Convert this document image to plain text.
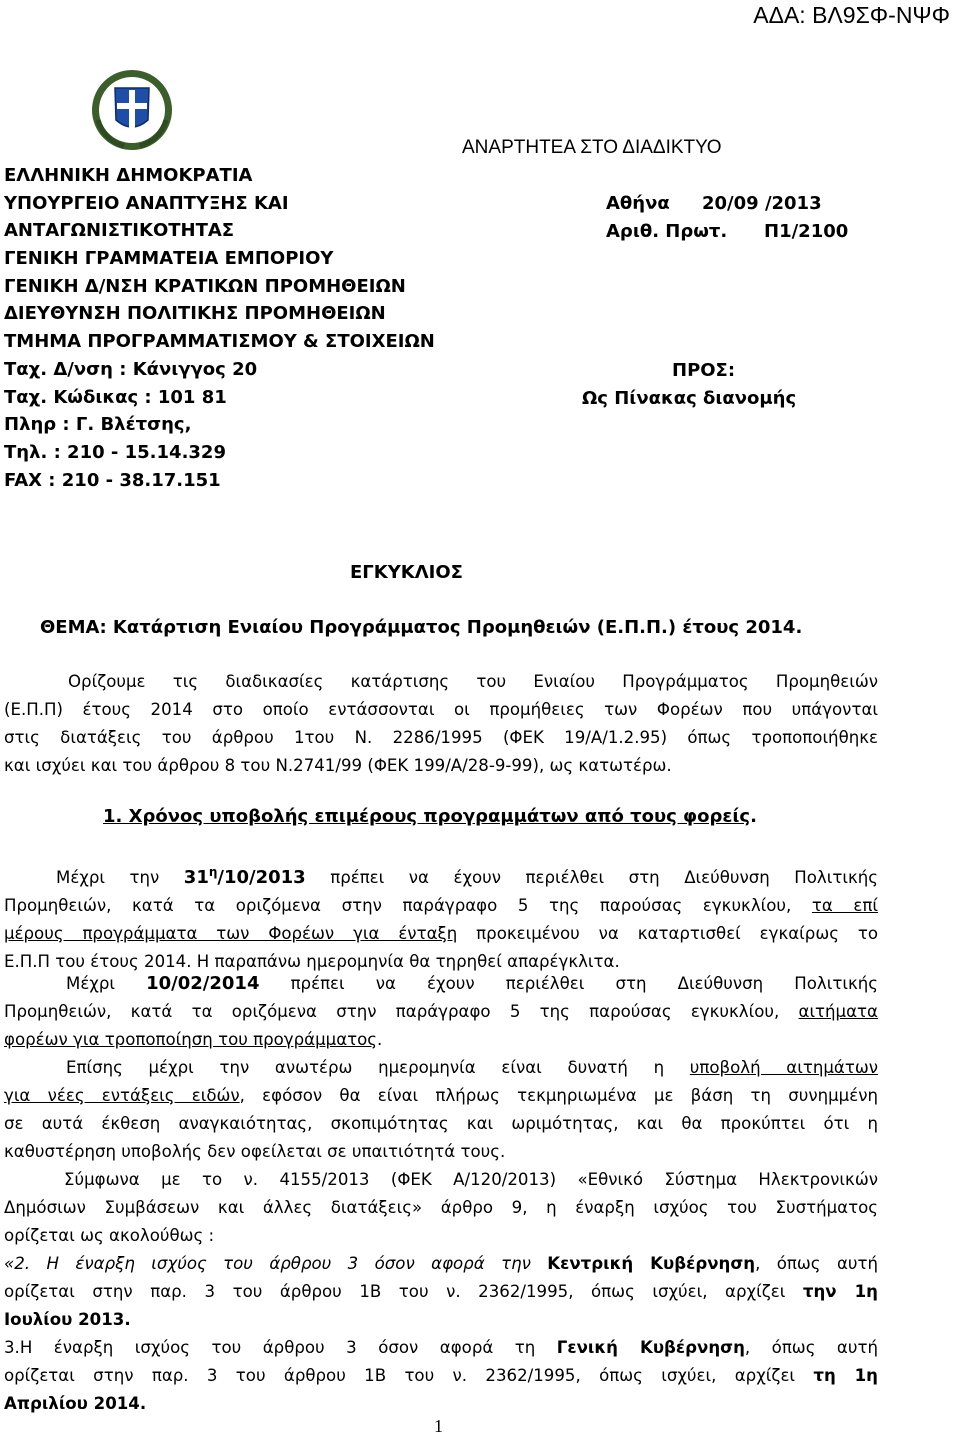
ΑΔΑ: ΒΛ9ΣΦ-ΝΨΦ
ΑΝΑΡΤΗΤΕΑ ΣΤΟ ΔΙΑΔΙΚΤΥΟ
ΕΛΛΗΝΙΚΗ ΔΗΜΟΚΡΑΤΙΑ
ΥΠΟΥΡΓΕΙΟ ΑΝΑΠΤΥΞΗΣ ΚΑΙ
ΑΝΤΑΓΩΝΙΣΤΙΚΟΤΗΤΑΣ
ΓΕΝΙΚΗ ΓΡΑΜΜΑΤΕΙΑ ΕΜΠΟΡΙΟΥ
ΓΕΝΙΚΗ Δ/ΝΣΗ ΚΡΑΤΙΚΩΝ ΠΡΟΜΗΘΕΙΩΝ
ΔΙΕΥΘΥΝΣΗ ΠΟΛΙΤΙΚΗΣ ΠΡΟΜΗΘΕΙΩΝ
ΤΜΗΜΑ ΠΡΟΓΡΑΜΜΑΤΙΣΜΟΥ & ΣΤΟΙΧΕΙΩΝ
Ταχ. Δ/νση : Κάνιγγος 20
Ταχ. Κώδικας : 101 81
Πληρ : Γ. Βλέτσης,
Τηλ. : 210 - 15.14.329
FAX : 210 - 38.17.151
Αθήνα 20/09 /2013
Αριθ. Πρωτ. Π1/2100
ΠΡΟΣ:
Ως Πίνακας διανομής
ΕΓΚΥΚΛΙΟΣ
ΘΕΜΑ: Κατάρτιση Ενιαίου Προγράμματος Προμηθειών (Ε.Π.Π.) έτους 2014.
Ορίζουμε τις διαδικασίες κατάρτισης του Ενιαίου Προγράμματος Προμηθειών
(Ε.Π.Π) έτους 2014 στο οποίο εντάσσονται οι προμήθειες των Φορέων που υπάγονται
στις διατάξεις του άρθρου 1του Ν. 2286/1995 (ΦΕΚ 19/Α/1.2.95) όπως τροποποιήθηκε
και ισχύει και του άρθρου 8 του Ν.2741/99 (ΦΕΚ 199/Α/28-9-99), ως κατωτέρω.
1. Χρόνος υποβολής επιμέρους προγραμμάτων από τους φορείς.
Μέχρι την $31^\eta/10/2013$ πρέπει να έχουν περιέλθει στη Διεύθυνση Πολιτικής
Προμηθειών, κατά τα οριζόμενα στην παράγραφο 5 της παρούσας εγκυκλίου, τα επί
μέρους προγράμματα των Φορέων για ένταξη προκειμένου να καταρτισθεί εγκαίρως το
Ε.Π.Π του έτους 2014. Η παραπάνω ημερομηνία θα τηρηθεί απαρέγκλιτα.
Μέχρι 10/02/2014 πρέπει να έχουν περιέλθει στη Διεύθυνση Πολιτικής
Προμηθειών, κατά τα οριζόμενα στην παράγραφο 5 της παρούσας εγκυκλίου, αιτήματα
φορέων για τροποποίηση του προγράμματος.
Επίσης μέχρι την ανωτέρω ημερομηνία είναι δυνατή η υποβολή αιτημάτων
για νέες εντάξεις ειδών, εφόσον θα είναι πλήρως τεκμηριωμένα με βάση τη συνημμένη
σε αυτά έκθεση αναγκαιότητας, σκοπιμότητας και ωριμότητας, και θα προκύπτει ότι η
καθυστέρηση υποβολής δεν οφείλεται σε υπαιτιότητά τους.
Σύμφωνα με το ν. 4155/2013 (ΦΕΚ Α/120/2013) «Εθνικό Σύστημα Ηλεκτρονικών
Δημόσιων Συμβάσεων και άλλες διατάξεις» άρθρο 9, η έναρξη ισχύος του Συστήματος
ορίζεται ως ακολούθως :
«2. Η έναρξη ισχύος του άρθρου 3 όσον αφορά την Κεντρική Κυβέρνηση, όπως αυτή
ορίζεται στην παρ. 3 του άρθρου 1Β του ν. 2362/1995, όπως ισχύει, αρχίζει την 1η
Ιουλίου 2013.
3.Η έναρξη ισχύος του άρθρου 3 όσον αφορά τη Γενική Κυβέρνηση, όπως αυτή
ορίζεται στην παρ. 3 του άρθρου 1Β του ν. 2362/1995, όπως ισχύει, αρχίζει τη 1η
Απριλίου 2014.
1
